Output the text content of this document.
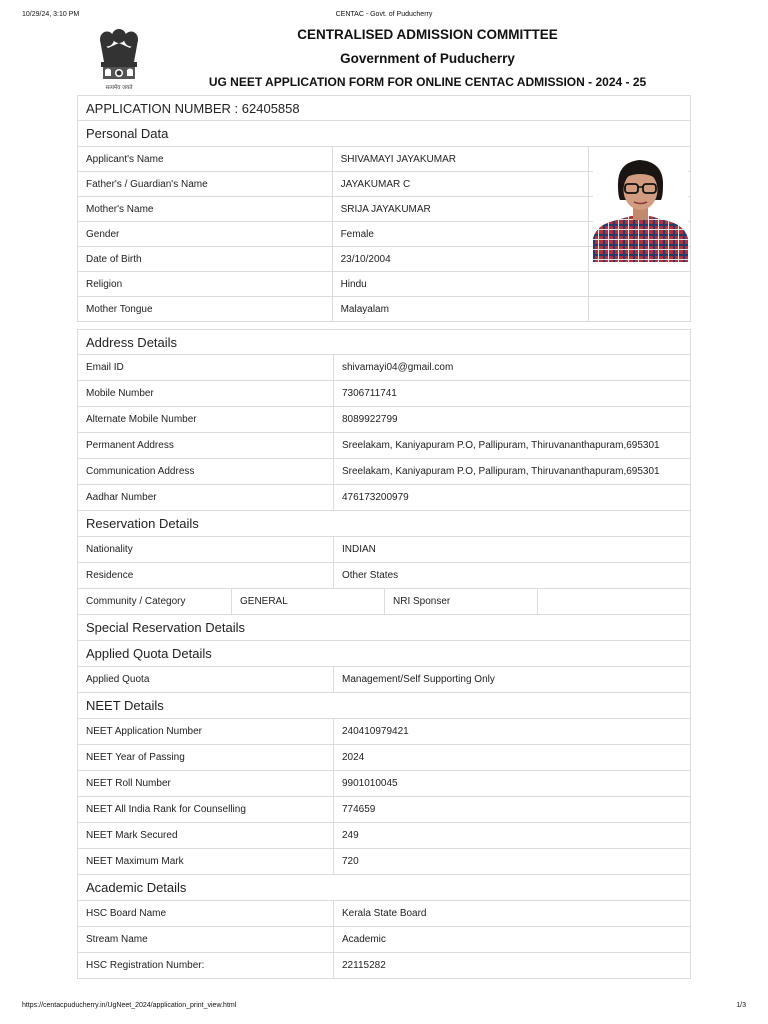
10/29/24, 3:10 PM	CENTAC - Govt. of Puducherry
सत्यमेव जयते
CENTRALISED ADMISSION COMMITTEE
Government of Puducherry
UG NEET APPLICATION FORM FOR ONLINE CENTAC ADMISSION - 2024 - 25
APPLICATION NUMBER : 62405858
Personal Data
Applicant's Name	SHIVAMAYI JAYAKUMAR
Father's / Guardian's Name	JAYAKUMAR C
Mother's Name	SRIJA JAYAKUMAR
Gender	Female
Date of Birth	23/10/2004
Religion	Hindu
Mother Tongue	Malayalam
Address Details
Email ID	shivamayi04@gmail.com
Mobile Number	7306711741
Alternate Mobile Number	8089922799
Permanent Address	Sreelakam, Kaniyapuram P.O, Pallipuram, Thiruvananthapuram,695301
Communication Address	Sreelakam, Kaniyapuram P.O, Pallipuram, Thiruvananthapuram,695301
Aadhar Number	476173200979
Reservation Details
Nationality	INDIAN
Residence	Other States
Community / Category	GENERAL	NRI Sponser
Special Reservation Details
Applied Quota Details
Applied Quota	Management/Self Supporting Only
NEET Details
NEET Application Number	240410979421
NEET Year of Passing	2024
NEET Roll Number	9901010045
NEET All India Rank for Counselling	774659
NEET Mark Secured	249
NEET Maximum Mark	720
Academic Details
HSC Board Name	Kerala State Board
Stream Name	Academic
HSC Registration Number:	22115282
https://centacpuducherry.in/UgNeet_2024/application_print_view.html	1/3
